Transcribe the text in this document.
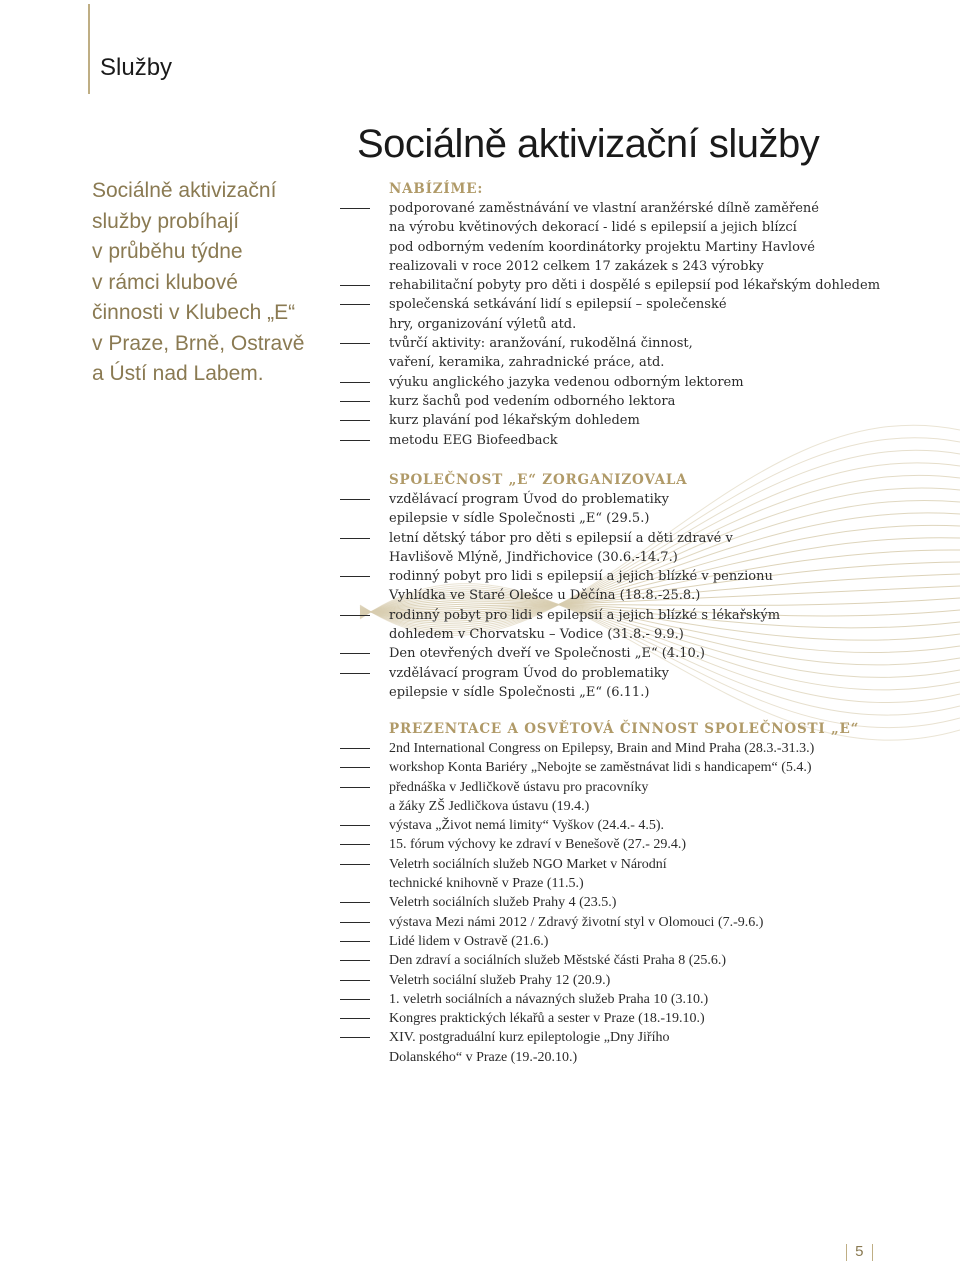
Služby
Sociálně aktivizační
služby probíhají
v průběhu týdne
v rámci klubové
činnosti v Klubech „E“
v Praze, Brně, Ostravě
a Ústí nad Labem.
Sociálně aktivizační služby
NABÍZÍME:
podporované zaměstnávání ve vlastní aranžérské dílně zaměřené
na výrobu květinových dekorací - lidé s epilepsií a jejich blízcí
pod odborným vedením koordinátorky projektu Martiny Havlové
realizovali v roce 2012 celkem 17 zakázek s 243 výrobky
rehabilitační pobyty pro děti i dospělé s epilepsií pod lékařským dohledem
společenská setkávání lidí s epilepsií – společenské
hry, organizování výletů atd.
tvůrčí aktivity: aranžování, rukodělná činnost,
vaření, keramika, zahradnické práce, atd.
výuku anglického jazyka vedenou odborným lektorem
kurz šachů pod vedením odborného lektora
kurz plavání pod lékařským dohledem
metodu EEG Biofeedback
SPOLEČNOST „E“ ZORGANIZOVALA
vzdělávací program Úvod do problematiky
epilepsie v sídle Společnosti „E“ (29.5.)
letní dětský tábor pro děti s epilepsií a děti zdravé v
Havlišově Mlýně, Jindřichovice (30.6.-14.7.)
rodinný pobyt pro lidi s epilepsií a jejich blízké v penzionu
Vyhlídka ve Staré Olešce u Děčína (18.8.-25.8.)
rodinný pobyt pro lidi s epilepsií a jejich blízké s lékařským
dohledem v Chorvatsku – Vodice (31.8.- 9.9.)
Den otevřených dveří ve Společnosti „E“ (4.10.)
vzdělávací program Úvod do problematiky
epilepsie v sídle Společnosti „E“ (6.11.)
PREZENTACE A OSVĚTOVÁ ČINNOST SPOLEČNOSTI „E“
2nd International Congress on Epilepsy, Brain and Mind Praha (28.3.-31.3.)
workshop Konta Bariéry „Nebojte se zaměstnávat lidi s handicapem“ (5.4.)
přednáška v Jedličkově ústavu pro pracovníky
a žáky ZŠ Jedličkova ústavu (19.4.)
výstava „Život nemá limity“ Vyškov (24.4.- 4.5).
15. fórum výchovy ke zdraví v Benešově (27.- 29.4.)
Veletrh sociálních služeb NGO Market v Národní
technické knihovně v Praze (11.5.)
Veletrh sociálních služeb Prahy 4 (23.5.)
výstava Mezi námi 2012 / Zdravý životní styl v Olomouci (7.-9.6.)
Lidé lidem v Ostravě (21.6.)
Den zdraví a sociálních služeb Městské části Praha 8 (25.6.)
Veletrh sociální služeb Prahy 12 (20.9.)
1. veletrh sociálních a návazných služeb Praha 10 (3.10.)
Kongres praktických lékařů a sester v Praze (18.-19.10.)
XIV. postgraduální kurz epileptologie „Dny Jiřího
Dolanského“ v Praze (19.-20.10.)
5
